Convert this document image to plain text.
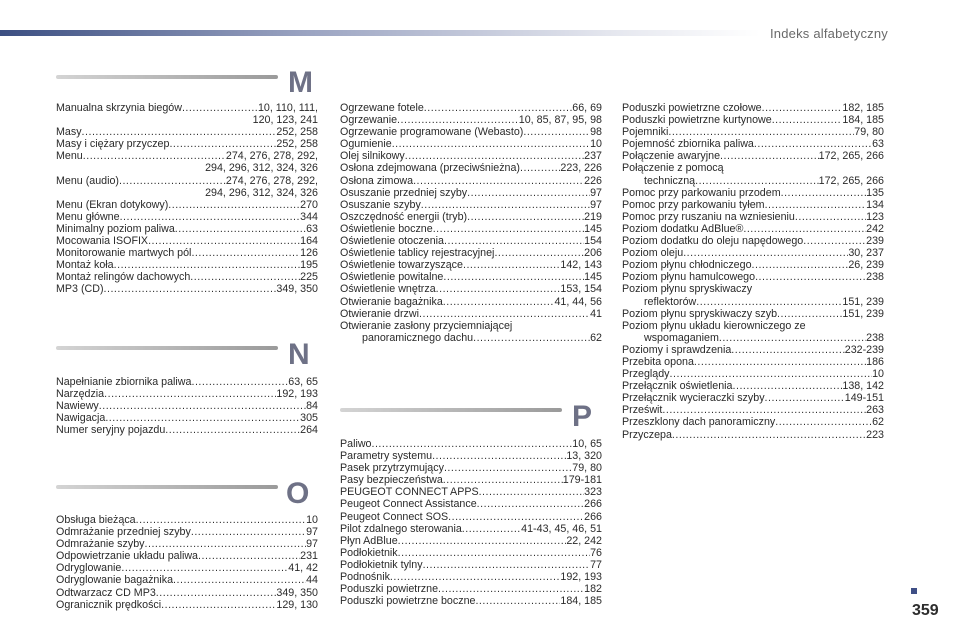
Indeks alfabetyczny
M
Manualna skrzynia biegów .....	10, 110, 111,
120, 123, 241
Masy .....	252, 258
Masy i ciężary przyczep .....	252, 258
Menu .....	274, 276, 278, 292,
294, 296, 312, 324, 326
Menu (audio) .....	274, 276, 278, 292,
294, 296, 312, 324, 326
Menu (Ekran dotykowy) .....	270
Menu główne .....	344
Minimalny poziom paliwa .....	63
Mocowania ISOFIX .....	164
Monitorowanie martwych pól .....	126
Montaż koła .....	195
Montaż relingów dachowych .....	225
MP3 (CD) .....	349, 350
N
Napełnianie zbiornika paliwa .....	63, 65
Narzędzia .....	192, 193
Nawiewy .....	84
Nawigacja .....	305
Numer seryjny pojazdu .....	264
O
Obsługa bieżąca .....	10
Odmrażanie przedniej szyby .....	97
Odmrażanie szyby .....	97
Odpowietrzanie układu paliwa .....	231
Odryglowanie .....	41, 42
Odryglowanie bagażnika .....	44
Odtwarzacz CD MP3 .....	349, 350
Ogranicznik prędkości .....	129, 130
Ogrzewane fotele .....	66, 69
Ogrzewanie .....	10, 85, 87, 95, 98
Ogrzewanie programowane (Webasto) .....	98
Ogumienie .....	10
Olej silnikowy .....	237
Osłona zdejmowana (przeciwśnieżna) .....	223, 226
Osłona zimowa .....	226
Osuszanie przedniej szyby .....	97
Osuszanie szyby .....	97
Oszczędność energii (tryb) .....	219
Oświetlenie boczne .....	145
Oświetlenie otoczenia .....	154
Oświetlenie tablicy rejestracyjnej .....	206
Oświetlenie towarzyszące .....	142, 143
Oświetlenie powitalne .....	145
Oświetlenie wnętrza .....	153, 154
Otwieranie bagażnika .....	41, 44, 56
Otwieranie drzwi .....	41
Otwieranie zasłony przyciemniającej
panoramicznego dachu .....	62
P
Paliwo .....	10, 65
Parametry systemu .....	13, 320
Pasek przytrzymujący .....	79, 80
Pasy bezpieczeństwa .....	179-181
PEUGEOT CONNECT APPS .....	323
Peugeot Connect Assistance .....	266
Peugeot Connect SOS .....	266
Pilot zdalnego sterowania .....	41-43, 45, 46, 51
Płyn AdBlue .....	22, 242
Podłokietnik .....	76
Podłokietnik tylny .....	77
Podnośnik .....	192, 193
Poduszki powietrzne .....	182
Poduszki powietrzne boczne .....	184, 185
Poduszki powietrzne czołowe .....	182, 185
Poduszki powietrzne kurtynowe .....	184, 185
Pojemniki .....	79, 80
Pojemność zbiornika paliwa .....	63
Połączenie awaryjne .....	172, 265, 266
Połączenie z pomocą
techniczną .....	172, 265, 266
Pomoc przy parkowaniu przodem .....	135
Pomoc przy parkowaniu tyłem .....	134
Pomoc przy ruszaniu na wzniesieniu .....	123
Poziom dodatku AdBlue® .....	242
Poziom dodatku do oleju napędowego .....	239
Poziom oleju .....	30, 237
Poziom płynu chłodniczego .....	26, 239
Poziom płynu hamulcowego .....	238
Poziom płynu spryskiwaczy
reflektorów .....	151, 239
Poziom płynu spryskiwaczy szyb .....	151, 239
Poziom płynu układu kierowniczego ze
wspomaganiem .....	238
Poziomy i sprawdzenia .....	232-239
Przebita opona .....	186
Przeglądy .....	10
Przełącznik oświetlenia .....	138, 142
Przełącznik wycieraczki szyby .....	149-151
Prześwit .....	263
Przeszklony dach panoramiczny .....	62
Przyczepa .....	223
359
